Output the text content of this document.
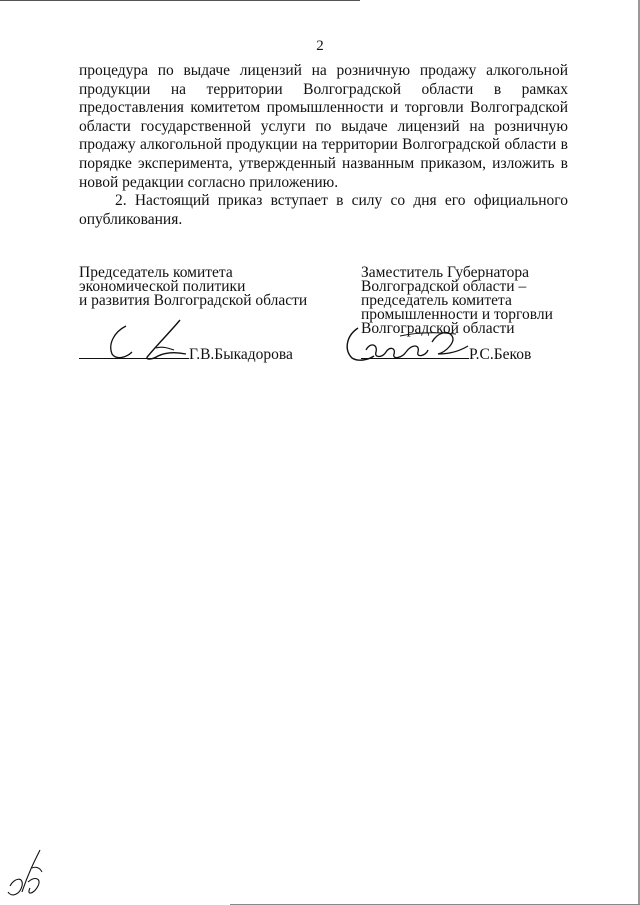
2

процедура по выдаче лицензий на розничную продажу алкогольной продукции на территории Волгоградской области в рамках предоставления комитетом промышленности и торговли Волгоградской области государственной услуги по выдаче лицензий на розничную продажу алкогольной продукции на территории Волгоградской области в порядке эксперимента, утвержденный названным приказом, изложить в новой редакции согласно приложению.

2. Настоящий приказ вступает в силу со дня его официального опубликования.

Председатель комитета

экономической политики

и развития Волгоградской области

Заместитель Губернатора

Волгоградской области –

председатель комитета

промышленности и торговли

Волгоградской области

Г.В.Быкадорова	Р.С.Беков
